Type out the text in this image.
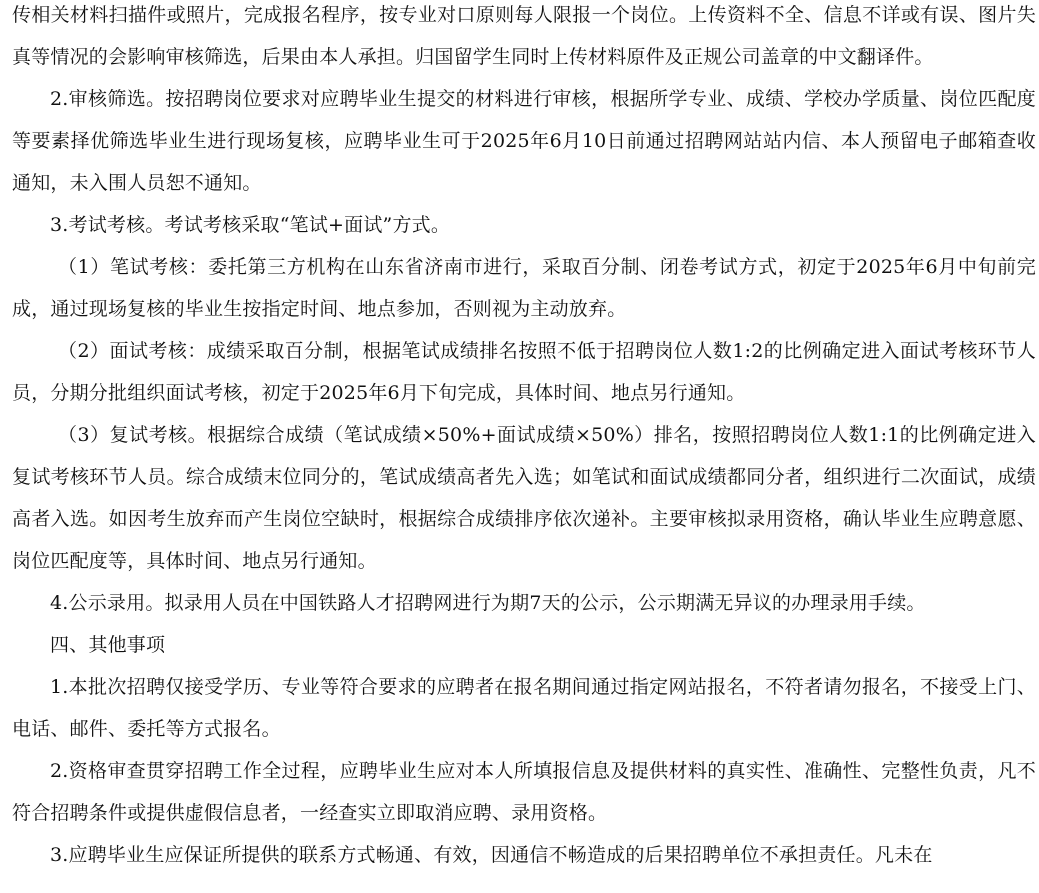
传相关材料扫描件或照片，完成报名程序，按专业对口原则每人限报一个岗位。上传资料不全、信息不详或有误、图片失真等情况的会影响审核筛选，后果由本人承担。归国留学生同时上传材料原件及正规公司盖章的中文翻译件。

2.审核筛选。按招聘岗位要求对应聘毕业生提交的材料进行审核，根据所学专业、成绩、学校办学质量、岗位匹配度等要素择优筛选毕业生进行现场复核，应聘毕业生可于2025年6月10日前通过招聘网站站内信、本人预留电子邮箱查收通知，未入围人员恕不通知。

3.考试考核。考试考核采取“笔试+面试”方式。

（1）笔试考核：委托第三方机构在山东省济南市进行，采取百分制、闭卷考试方式，初定于2025年6月中旬前完成，通过现场复核的毕业生按指定时间、地点参加，否则视为主动放弃。

（2）面试考核：成绩采取百分制，根据笔试成绩排名按照不低于招聘岗位人数1:2的比例确定进入面试考核环节人员，分期分批组织面试考核，初定于2025年6月下旬完成，具体时间、地点另行通知。

（3）复试考核。根据综合成绩（笔试成绩×50%+面试成绩×50%）排名，按照招聘岗位人数1:1的比例确定进入复试考核环节人员。综合成绩末位同分的，笔试成绩高者先入选；如笔试和面试成绩都同分者，组织进行二次面试，成绩高者入选。如因考生放弃而产生岗位空缺时，根据综合成绩排序依次递补。主要审核拟录用资格，确认毕业生应聘意愿、岗位匹配度等，具体时间、地点另行通知。

4.公示录用。拟录用人员在中国铁路人才招聘网进行为期7天的公示，公示期满无异议的办理录用手续。

四、其他事项

1.本批次招聘仅接受学历、专业等符合要求的应聘者在报名期间通过指定网站报名，不符者请勿报名，不接受上门、电话、邮件、委托等方式报名。

2.资格审查贯穿招聘工作全过程，应聘毕业生应对本人所填报信息及提供材料的真实性、准确性、完整性负责，凡不符合招聘条件或提供虚假信息者，一经查实立即取消应聘、录用资格。

3.应聘毕业生应保证所提供的联系方式畅通、有效，因通信不畅造成的后果招聘单位不承担责任。凡未在
